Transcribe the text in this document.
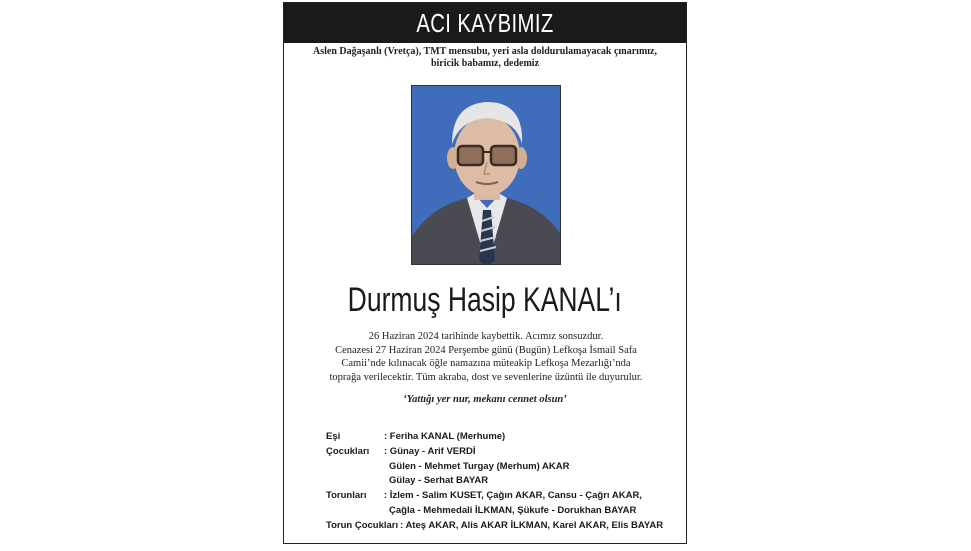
ACI KAYBIMIZ
Aslen Dağaşanlı (Vretça), TMT mensubu, yeri asla doldurulamayacak çınarımız,
biricik babamız, dedemiz
Durmuş Hasip KANAL’ı
26 Haziran 2024 tarihinde kaybettik. Acımız sonsuzdur.
Cenazesi 27 Haziran 2024 Perşembe günü (Bugün) Lefkoşa İsmail Safa
Camii’nde kılınacak öğle namazına müteakip Lefkoşa Mezarlığı’nda
toprağa verilecektir. Tüm akraba, dost ve sevenlerine üzüntü ile duyurulur.
‘Yattığı yer nur, mekanı cennet olsun’
Eşi	: Feriha KANAL (Merhume)
Çocukları : Günay - Arif VERDİ
Gülen - Mehmet Turgay (Merhum) AKAR
Gülay - Serhat BAYAR
Torunları : İzlem - Salim KUSET, Çağın AKAR, Cansu - Çağrı AKAR,
Çağla - Mehmedali İLKMAN, Şükufe - Dorukhan BAYAR
Torun Çocukları : Ateş AKAR, Alis AKAR İLKMAN, Karel AKAR, Elis BAYAR
